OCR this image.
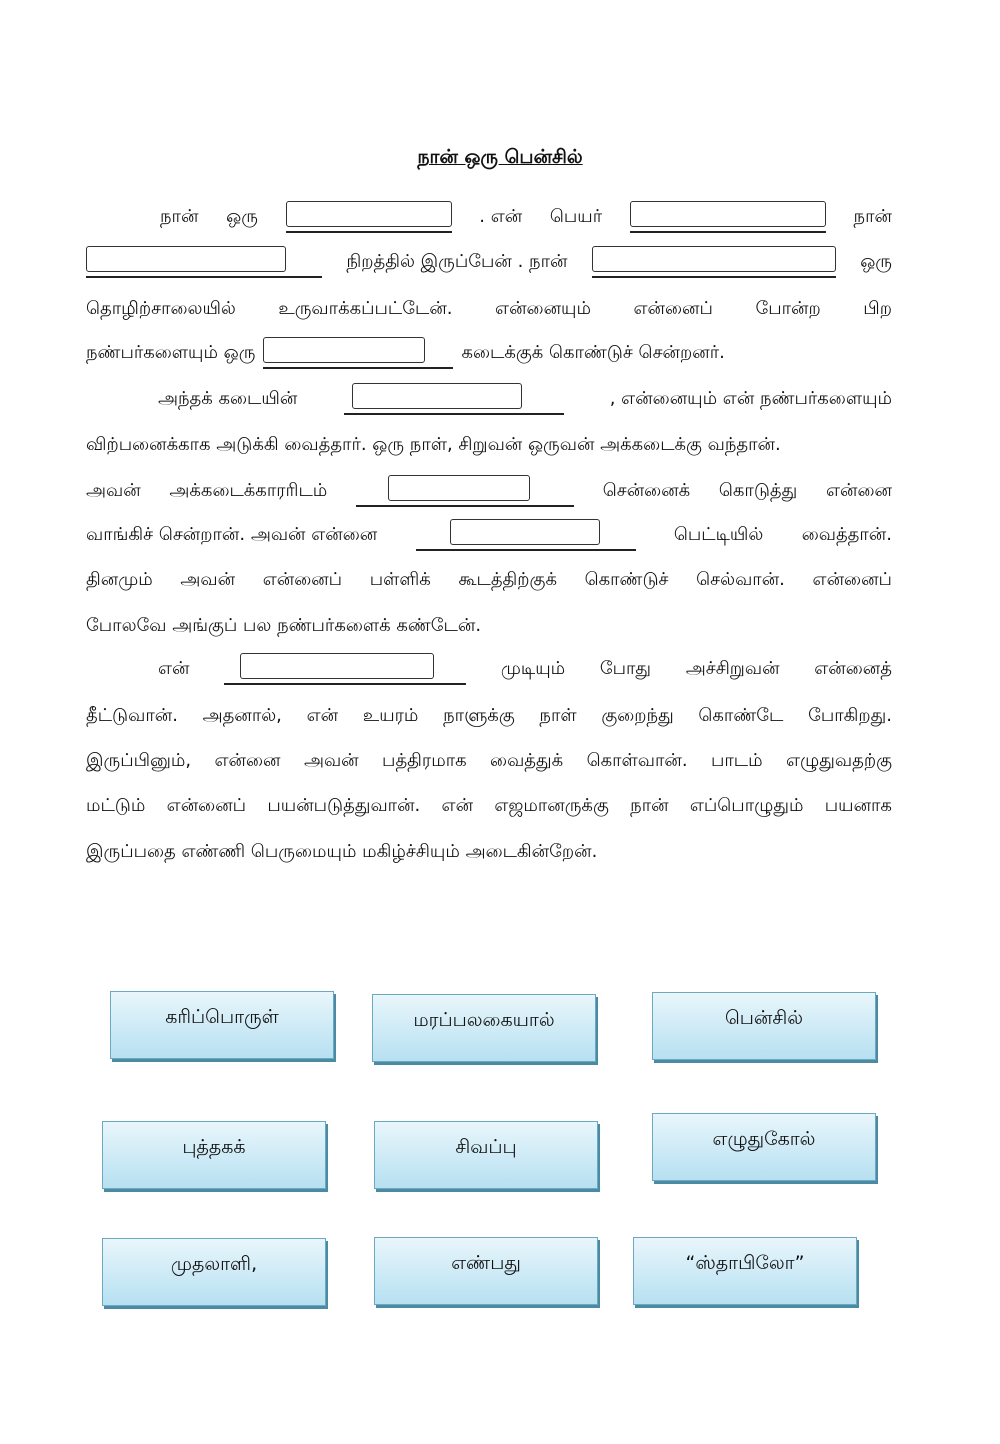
நான் ஒரு பென்சில்
நான் ஒரு	. என் பெயர்	நான்
நிறத்தில் இருப்பேன் . நான்	ஒரு
தொழிற்சாலையில் உருவாக்கப்பட்டேன். என்னையும் என்னைப் போன்ற பிற
நண்பர்களையும் ஒரு	கடைக்குக் கொண்டுச் சென்றனர்.
அந்தக் கடையின்	, என்னையும் என் நண்பர்களையும்
விற்பனைக்காக அடுக்கி வைத்தார். ஒரு நாள், சிறுவன் ஒருவன் அக்கடைக்கு வந்தான்.
அவன் அக்கடைக்காரரிடம்	சென்னைக் கொடுத்து என்னை
வாங்கிச் சென்றான். அவன் என்னை	பெட்டியில் வைத்தான்.
தினமும் அவன் என்னைப் பள்ளிக் கூடத்திற்குக் கொண்டுச் செல்வான். என்னைப்
போலவே அங்குப் பல நண்பர்களைக் கண்டேன்.
என்	முடியும் போது அச்சிறுவன் என்னைத்
தீட்டுவான். அதனால், என் உயரம் நாளுக்கு நாள் குறைந்து கொண்டே போகிறது.
இருப்பினும், என்னை அவன் பத்திரமாக வைத்துக் கொள்வான். பாடம் எழுதுவதற்கு
மட்டும் என்னைப் பயன்படுத்துவான். என் எஜமானருக்கு நான் எப்பொழுதும் பயனாக
இருப்பதை எண்ணி பெருமையும் மகிழ்ச்சியும் அடைகின்றேன்.
கரிப்பொருள்	மரப்பலகையால்	பென்சில்
புத்தகக்	சிவப்பு	எழுதுகோல்
முதலாளி,	எண்பது	“ஸ்தாபிலோ”
